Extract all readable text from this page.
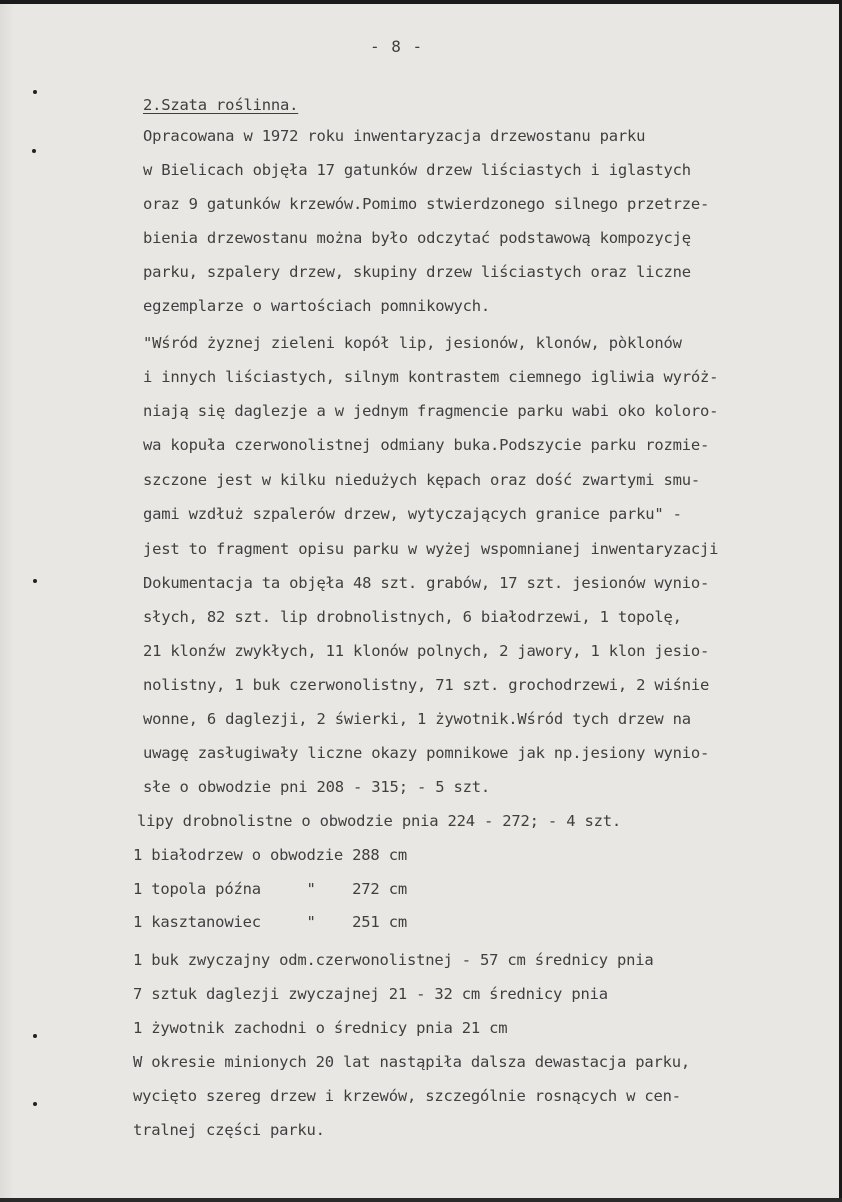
- 8 -
2.Szata roślinna.
Opracowana w 1972 roku inwentaryzacja drzewostanu parku
w Bielicach objęła 17 gatunków drzew liściastych i iglastych
oraz 9 gatunków krzewów.Pomimo stwierdzonego silnego przetrze-
bienia drzewostanu można było odczytać podstawową kompozycję
parku, szpalery drzew, skupiny drzew liściastych oraz liczne
egzemplarze o wartościach pomnikowych.
"Wśród żyznej zieleni kopół lip, jesionów, klonów, pòklonów
i innych liściastych, silnym kontrastem ciemnego igliwia wyróż-
niają się daglezje a w jednym fragmencie parku wabi oko koloro-
wa kopuła czerwonolistnej odmiany buka.Podszycie parku rozmie-
szczone jest w kilku niedużych kępach oraz dość zwartymi smu-
gami wzdłuż szpalerów drzew, wytyczających granice parku" -
jest to fragment opisu parku w wyżej wspomnianej inwentaryzacji
Dokumentacja ta objęła 48 szt. grabów, 17 szt. jesionów wynio-
słych, 82 szt. lip drobnolistnych, 6 białodrzewi, 1 topolę,
21 klonźw zwykłych, 11 klonów polnych, 2 jawory, 1 klon jesio-
nolistny, 1 buk czerwonolistny, 71 szt. grochodrzewi, 2 wiśnie
wonne, 6 daglezji, 2 świerki, 1 żywotnik.Wśród tych drzew na
uwagę zasługiwały liczne okazy pomnikowe jak np.jesiony wynio-
słe o obwodzie pni 208 - 315; - 5 szt.
lipy drobnolistne o obwodzie pnia 224 - 272; - 4 szt.
1 białodrzew o obwodzie 288 cm
1 topola późna     "    272 cm
1 kasztanowiec     "    251 cm
1 buk zwyczajny odm.czerwonolistnej - 57 cm średnicy pnia
7 sztuk daglezji zwyczajnej 21 - 32 cm średnicy pnia
1 żywotnik zachodni o średnicy pnia 21 cm
W okresie minionych 20 lat nastąpiła dalsza dewastacja parku,
wycięto szereg drzew i krzewów, szczególnie rosnących w cen-
tralnej części parku.
